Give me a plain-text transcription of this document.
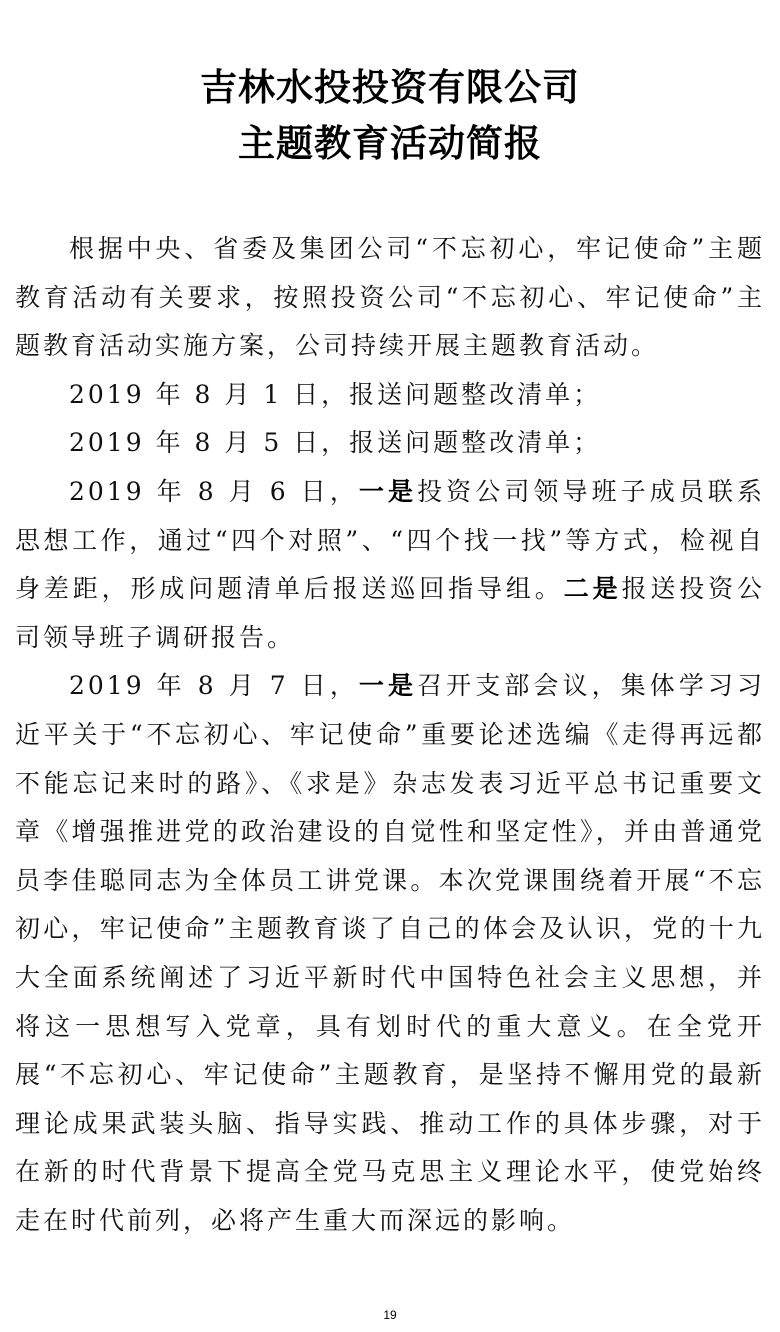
吉林水投投资有限公司
主题教育活动简报

根据中央、省委及集团公司“不忘初心，牢记使命”主题教育活动有关要求，按照投资公司“不忘初心、牢记使命”主题教育活动实施方案，公司持续开展主题教育活动。

2019 年 8 月 1 日，报送问题整改清单；

2019 年 8 月 5 日，报送问题整改清单；

2019 年 8 月 6 日，一是投资公司领导班子成员联系思想工作，通过“四个对照”、“四个找一找”等方式，检视自身差距，形成问题清单后报送巡回指导组。二是报送投资公司领导班子调研报告。

2019 年 8 月 7 日，一是召开支部会议，集体学习习近平关于“不忘初心、牢记使命”重要论述选编《走得再远都不能忘记来时的路》、《求是》杂志发表习近平总书记重要文章《增强推进党的政治建设的自觉性和坚定性》，并由普通党员李佳聪同志为全体员工讲党课。本次党课围绕着开展“不忘初心，牢记使命”主题教育谈了自己的体会及认识，党的十九大全面系统阐述了习近平新时代中国特色社会主义思想，并将这一思想写入党章，具有划时代的重大意义。在全党开展“不忘初心、牢记使命”主题教育，是坚持不懈用党的最新理论成果武装头脑、指导实践、推动工作的具体步骤，对于在新的时代背景下提高全党马克思主义理论水平，使党始终走在时代前列，必将产生重大而深远的影响。

19
